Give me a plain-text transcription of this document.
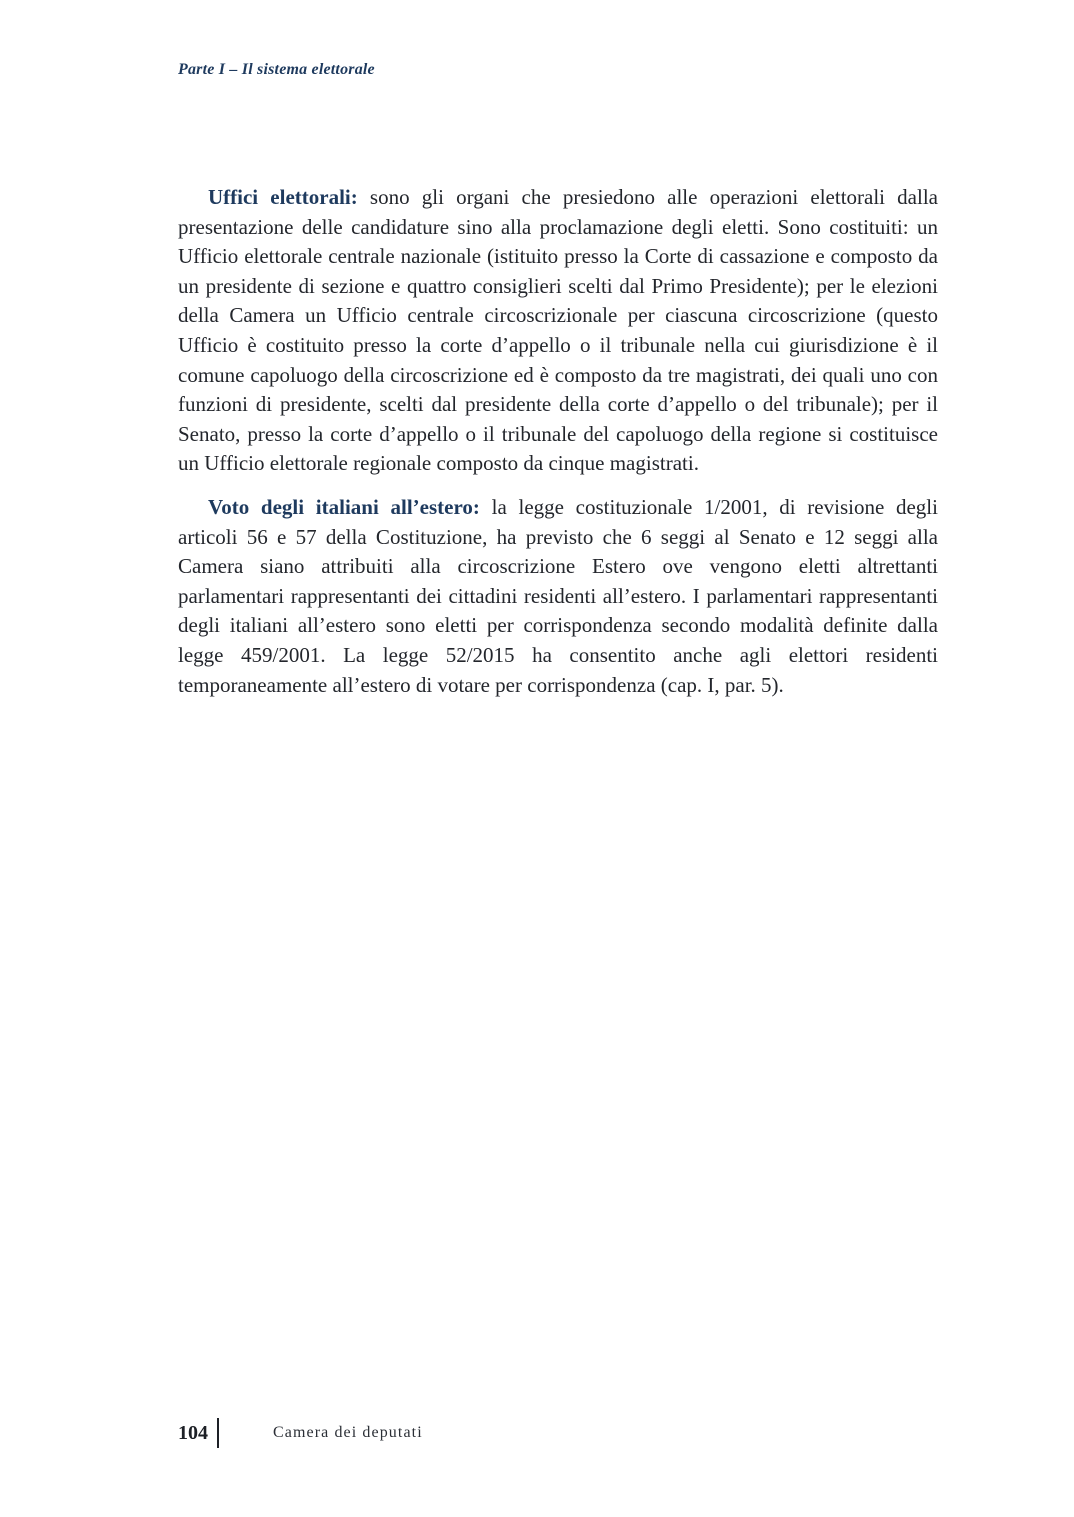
Parte I – Il sistema elettorale

Uffici elettorali: sono gli organi che presiedono alle operazioni elettorali dalla presentazione delle candidature sino alla proclamazione degli eletti. Sono costituiti: un Ufficio elettorale centrale nazionale (istituito presso la Corte di cassazione e composto da un presidente di sezione e quattro consiglieri scelti dal Primo Presidente); per le elezioni della Camera un Ufficio centrale circoscrizionale per ciascuna circoscrizione (questo Ufficio è costituito presso la corte d’appello o il tribunale nella cui giurisdizione è il comune capoluogo della circoscrizione ed è composto da tre magistrati, dei quali uno con funzioni di presidente, scelti dal presidente della corte d’appello o del tribunale); per il Senato, presso la corte d’appello o il tribunale del capoluogo della regione si costituisce un Ufficio elettorale regionale composto da cinque magistrati.

Voto degli italiani all’estero: la legge costituzionale 1/2001, di revisione degli articoli 56 e 57 della Costituzione, ha previsto che 6 seggi al Senato e 12 seggi alla Camera siano attribuiti alla circoscrizione Estero ove vengono eletti altrettanti parlamentari rappresentanti dei cittadini residenti all’estero. I parlamentari rappresentanti degli italiani all’estero sono eletti per corrispondenza secondo modalità definite dalla legge 459/2001. La legge 52/2015 ha consentito anche agli elettori residenti temporaneamente all’estero di votare per corrispondenza (cap. I, par. 5).

104	Camera dei deputati
